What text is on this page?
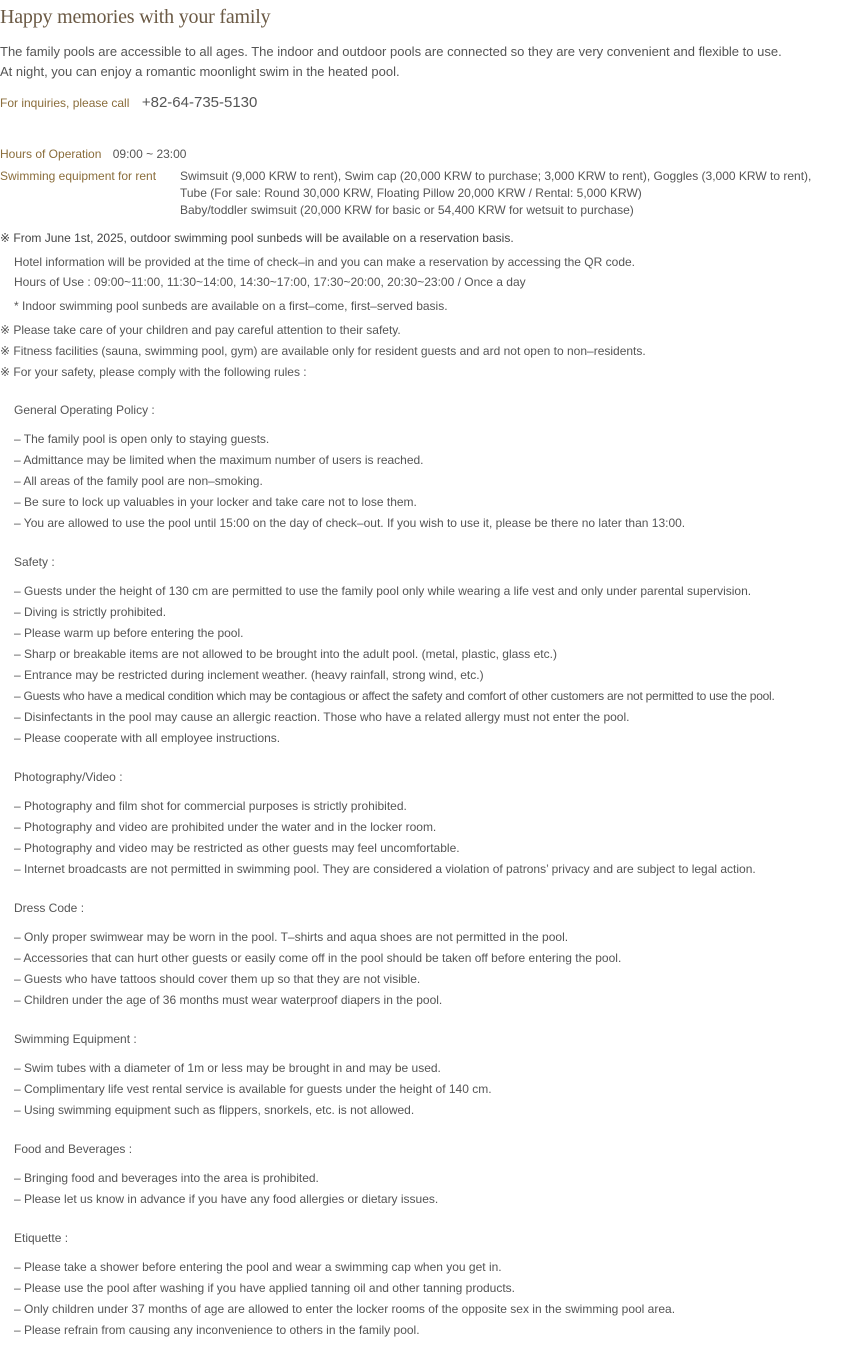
Happy memories with your family
The family pools are accessible to all ages. The indoor and outdoor pools are connected so they are very convenient and flexible to use.
At night, you can enjoy a romantic moonlight swim in the heated pool.
For inquiries, please call +82-64-735-5130
Hours of Operation 09:00 ~ 23:00
Swimming equipment for rent Swimsuit (9,000 KRW to rent), Swim cap (20,000 KRW to purchase; 3,000 KRW to rent), Goggles (3,000 KRW to rent),
Tube (For sale: Round 30,000 KRW, Floating Pillow 20,000 KRW / Rental: 5,000 KRW)
Baby/toddler swimsuit (20,000 KRW for basic or 54,400 KRW for wetsuit to purchase)
※ From June 1st, 2025, outdoor swimming pool sunbeds will be available on a reservation basis.
Hotel information will be provided at the time of check–in and you can make a reservation by accessing the QR code.
Hours of Use : 09:00~11:00, 11:30~14:00, 14:30~17:00, 17:30~20:00, 20:30~23:00 / Once a day
* Indoor swimming pool sunbeds are available on a first–come, first–served basis.
※ Please take care of your children and pay careful attention to their safety.
※ Fitness facilities (sauna, swimming pool, gym) are available only for resident guests and ard not open to non–residents.
※ For your safety, please comply with the following rules :
General Operating Policy :
– The family pool is open only to staying guests.
– Admittance may be limited when the maximum number of users is reached.
– All areas of the family pool are non–smoking.
– Be sure to lock up valuables in your locker and take care not to lose them.
– You are allowed to use the pool until 15:00 on the day of check–out. If you wish to use it, please be there no later than 13:00.
Safety :
– Guests under the height of 130 cm are permitted to use the family pool only while wearing a life vest and only under parental supervision.
– Diving is strictly prohibited.
– Please warm up before entering the pool.
– Sharp or breakable items are not allowed to be brought into the adult pool. (metal, plastic, glass etc.)
– Entrance may be restricted during inclement weather. (heavy rainfall, strong wind, etc.)
– Guests who have a medical condition which may be contagious or affect the safety and comfort of other customers are not permitted to use the pool.
– Disinfectants in the pool may cause an allergic reaction. Those who have a related allergy must not enter the pool.
– Please cooperate with all employee instructions.
Photography/Video :
– Photography and film shot for commercial purposes is strictly prohibited.
– Photography and video are prohibited under the water and in the locker room.
– Photography and video may be restricted as other guests may feel uncomfortable.
– Internet broadcasts are not permitted in swimming pool. They are considered a violation of patrons’ privacy and are subject to legal action.
Dress Code :
– Only proper swimwear may be worn in the pool. T–shirts and aqua shoes are not permitted in the pool.
– Accessories that can hurt other guests or easily come off in the pool should be taken off before entering the pool.
– Guests who have tattoos should cover them up so that they are not visible.
– Children under the age of 36 months must wear waterproof diapers in the pool.
Swimming Equipment :
– Swim tubes with a diameter of 1m or less may be brought in and may be used.
– Complimentary life vest rental service is available for guests under the height of 140 cm.
– Using swimming equipment such as flippers, snorkels, etc. is not allowed.
Food and Beverages :
– Bringing food and beverages into the area is prohibited.
– Please let us know in advance if you have any food allergies or dietary issues.
Etiquette :
– Please take a shower before entering the pool and wear a swimming cap when you get in.
– Please use the pool after washing if you have applied tanning oil and other tanning products.
– Only children under 37 months of age are allowed to enter the locker rooms of the opposite sex in the swimming pool area.
– Please refrain from causing any inconvenience to others in the family pool.
